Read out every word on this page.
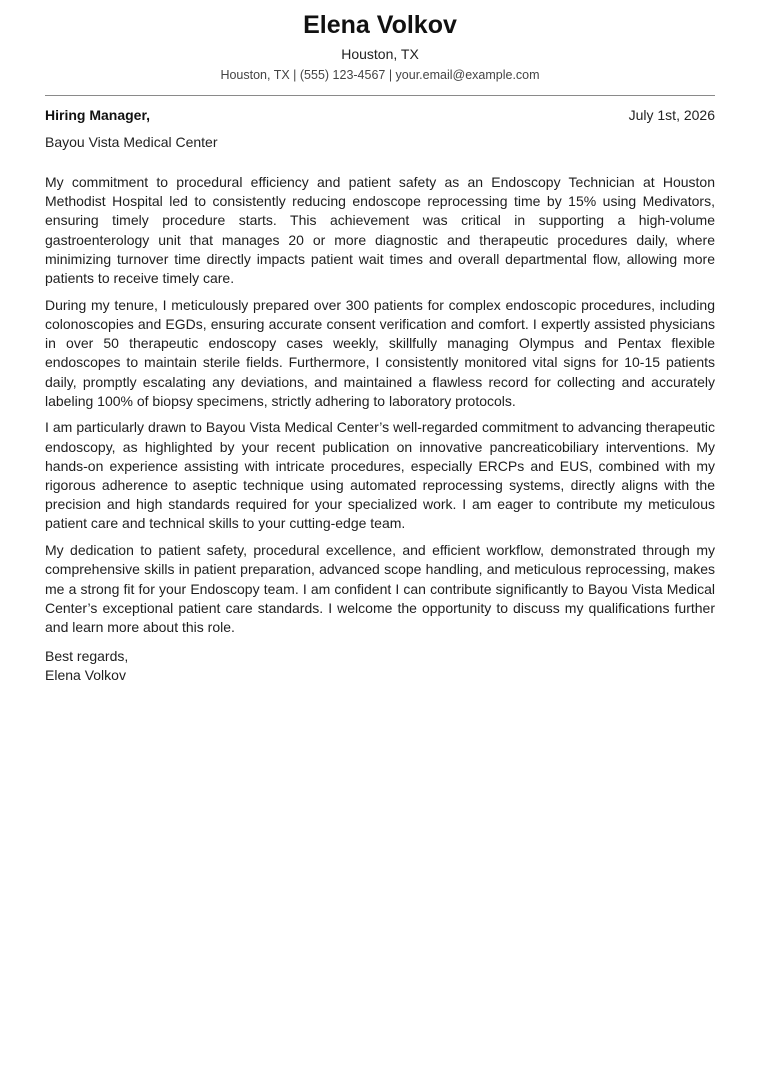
Elena Volkov
Houston, TX
Houston, TX | (555) 123-4567 | your.email@example.com
Hiring Manager,	July 1st, 2026
Bayou Vista Medical Center

My commitment to procedural efficiency and patient safety as an Endoscopy Technician at Houston Methodist Hospital led to consistently reducing endoscope reprocessing time by 15% using Medivators, ensuring timely procedure starts. This achievement was critical in supporting a high-volume gastroenterology unit that manages 20 or more diagnostic and therapeutic procedures daily, where minimizing turnover time directly impacts patient wait times and overall departmental flow, allowing more patients to receive timely care.

During my tenure, I meticulously prepared over 300 patients for complex endoscopic procedures, including colonoscopies and EGDs, ensuring accurate consent verification and comfort. I expertly assisted physicians in over 50 therapeutic endoscopy cases weekly, skillfully managing Olympus and Pentax flexible endoscopes to maintain sterile fields. Furthermore, I consistently monitored vital signs for 10-15 patients daily, promptly escalating any deviations, and maintained a flawless record for collecting and accurately labeling 100% of biopsy specimens, strictly adhering to laboratory protocols.

I am particularly drawn to Bayou Vista Medical Center’s well-regarded commitment to advancing therapeutic endoscopy, as highlighted by your recent publication on innovative pancreaticobiliary interventions. My hands-on experience assisting with intricate procedures, especially ERCPs and EUS, combined with my rigorous adherence to aseptic technique using automated reprocessing systems, directly aligns with the precision and high standards required for your specialized work. I am eager to contribute my meticulous patient care and technical skills to your cutting-edge team.

My dedication to patient safety, procedural excellence, and efficient workflow, demonstrated through my comprehensive skills in patient preparation, advanced scope handling, and meticulous reprocessing, makes me a strong fit for your Endoscopy team. I am confident I can contribute significantly to Bayou Vista Medical Center’s exceptional patient care standards. I welcome the opportunity to discuss my qualifications further and learn more about this role.

Best regards,
Elena Volkov
